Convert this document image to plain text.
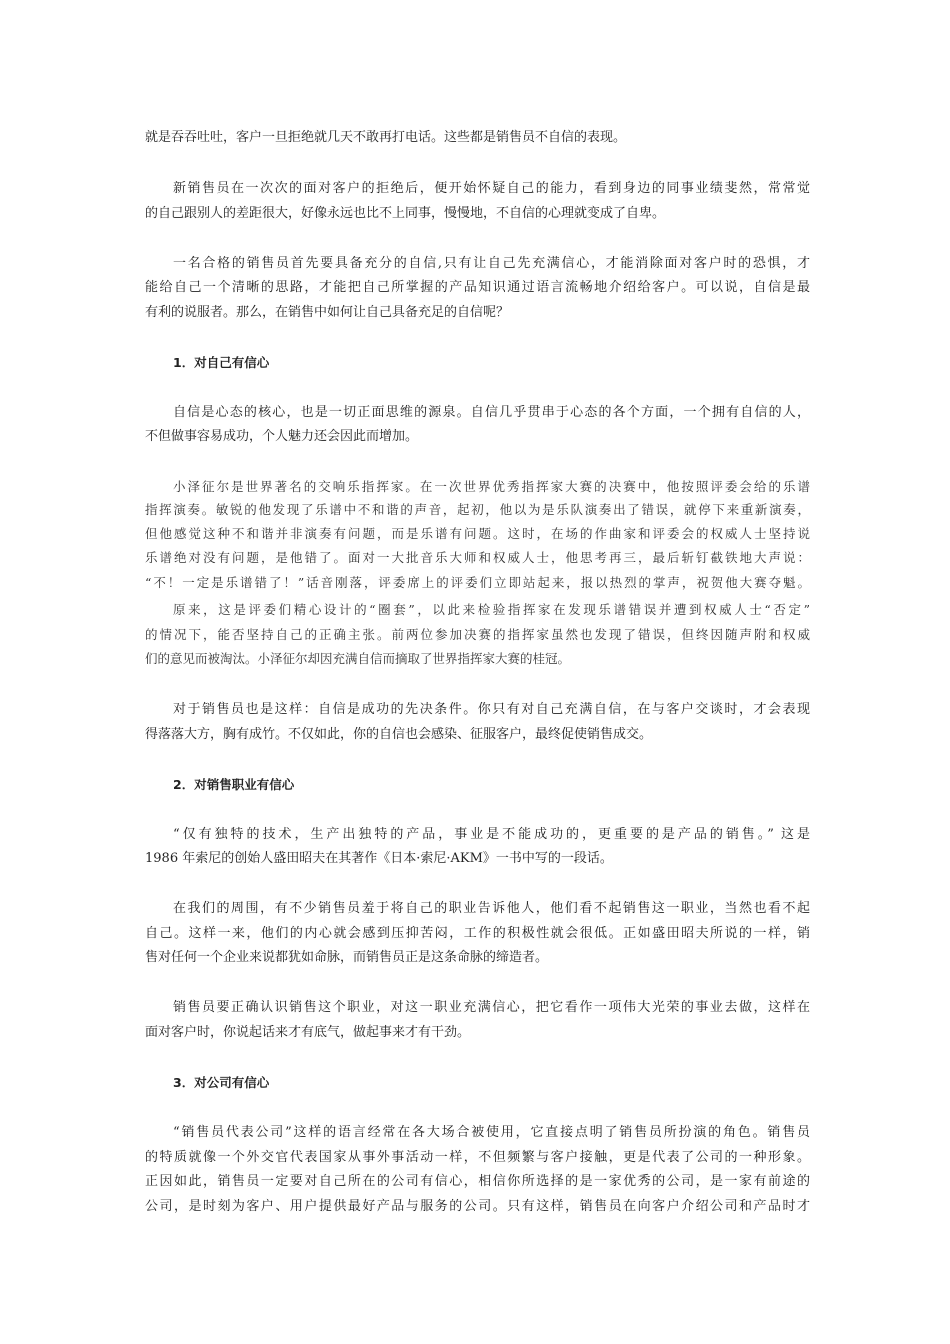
就是吞吞吐吐，客户一旦拒绝就几天不敢再打电话。这些都是销售员不自信的表现。
新销售员在一次次的面对客户的拒绝后，便开始怀疑自己的能力，看到身边的同事业绩斐然，常常觉
的自己跟别人的差距很大，好像永远也比不上同事，慢慢地，不自信的心理就变成了自卑。
一名合格的销售员首先要具备充分的自信,只有让自己先充满信心，才能消除面对客户时的恐惧，才
能给自己一个清晰的思路，才能把自己所掌握的产品知识通过语言流畅地介绍给客户。可以说，自信是最
有利的说服者。那么，在销售中如何让自己具备充足的自信呢？
1．对自己有信心
自信是心态的核心，也是一切正面思维的源泉。自信几乎贯串于心态的各个方面，一个拥有自信的人，
不但做事容易成功，个人魅力还会因此而增加。
小泽征尔是世界著名的交响乐指挥家。在一次世界优秀指挥家大赛的决赛中，他按照评委会给的乐谱
指挥演奏。敏锐的他发现了乐谱中不和谐的声音，起初，他以为是乐队演奏出了错误，就停下来重新演奏，
但他感觉这种不和谐并非演奏有问题，而是乐谱有问题。这时，在场的作曲家和评委会的权威人士坚持说
乐谱绝对没有问题，是他错了。面对一大批音乐大师和权威人士，他思考再三，最后斩钉截铁地大声说：
“不！一定是乐谱错了！”话音刚落，评委席上的评委们立即站起来，报以热烈的掌声，祝贺他大赛夺魁。
原来，这是评委们精心设计的“圈套”，以此来检验指挥家在发现乐谱错误并遭到权威人士“否定”
的情况下，能否坚持自己的正确主张。前两位参加决赛的指挥家虽然也发现了错误，但终因随声附和权威
们的意见而被淘汰。小泽征尔却因充满自信而摘取了世界指挥家大赛的桂冠。
对于销售员也是这样：自信是成功的先决条件。你只有对自己充满自信，在与客户交谈时，才会表现
得落落大方，胸有成竹。不仅如此，你的自信也会感染、征服客户，最终促使销售成交。
2．对销售职业有信心
“仅有独特的技术，生产出独特的产品，事业是不能成功的，更重要的是产品的销售。” 这是
1986 年索尼的创始人盛田昭夫在其著作《日本·索尼·AKM》一书中写的一段话。
在我们的周围，有不少销售员羞于将自己的职业告诉他人，他们看不起销售这一职业，当然也看不起
自己。这样一来，他们的内心就会感到压抑苦闷，工作的积极性就会很低。正如盛田昭夫所说的一样，销
售对任何一个企业来说都犹如命脉，而销售员正是这条命脉的缔造者。
销售员要正确认识销售这个职业，对这一职业充满信心，把它看作一项伟大光荣的事业去做，这样在
面对客户时，你说起话来才有底气，做起事来才有干劲。
3．对公司有信心
“销售员代表公司”这样的语言经常在各大场合被使用，它直接点明了销售员所扮演的角色。销售员
的特质就像一个外交官代表国家从事外事活动一样，不但频繁与客户接触，更是代表了公司的一种形象。
正因如此，销售员一定要对自己所在的公司有信心，相信你所选择的是一家优秀的公司，是一家有前途的
公司，是时刻为客户、用户提供最好产品与服务的公司。只有这样，销售员在向客户介绍公司和产品时才
